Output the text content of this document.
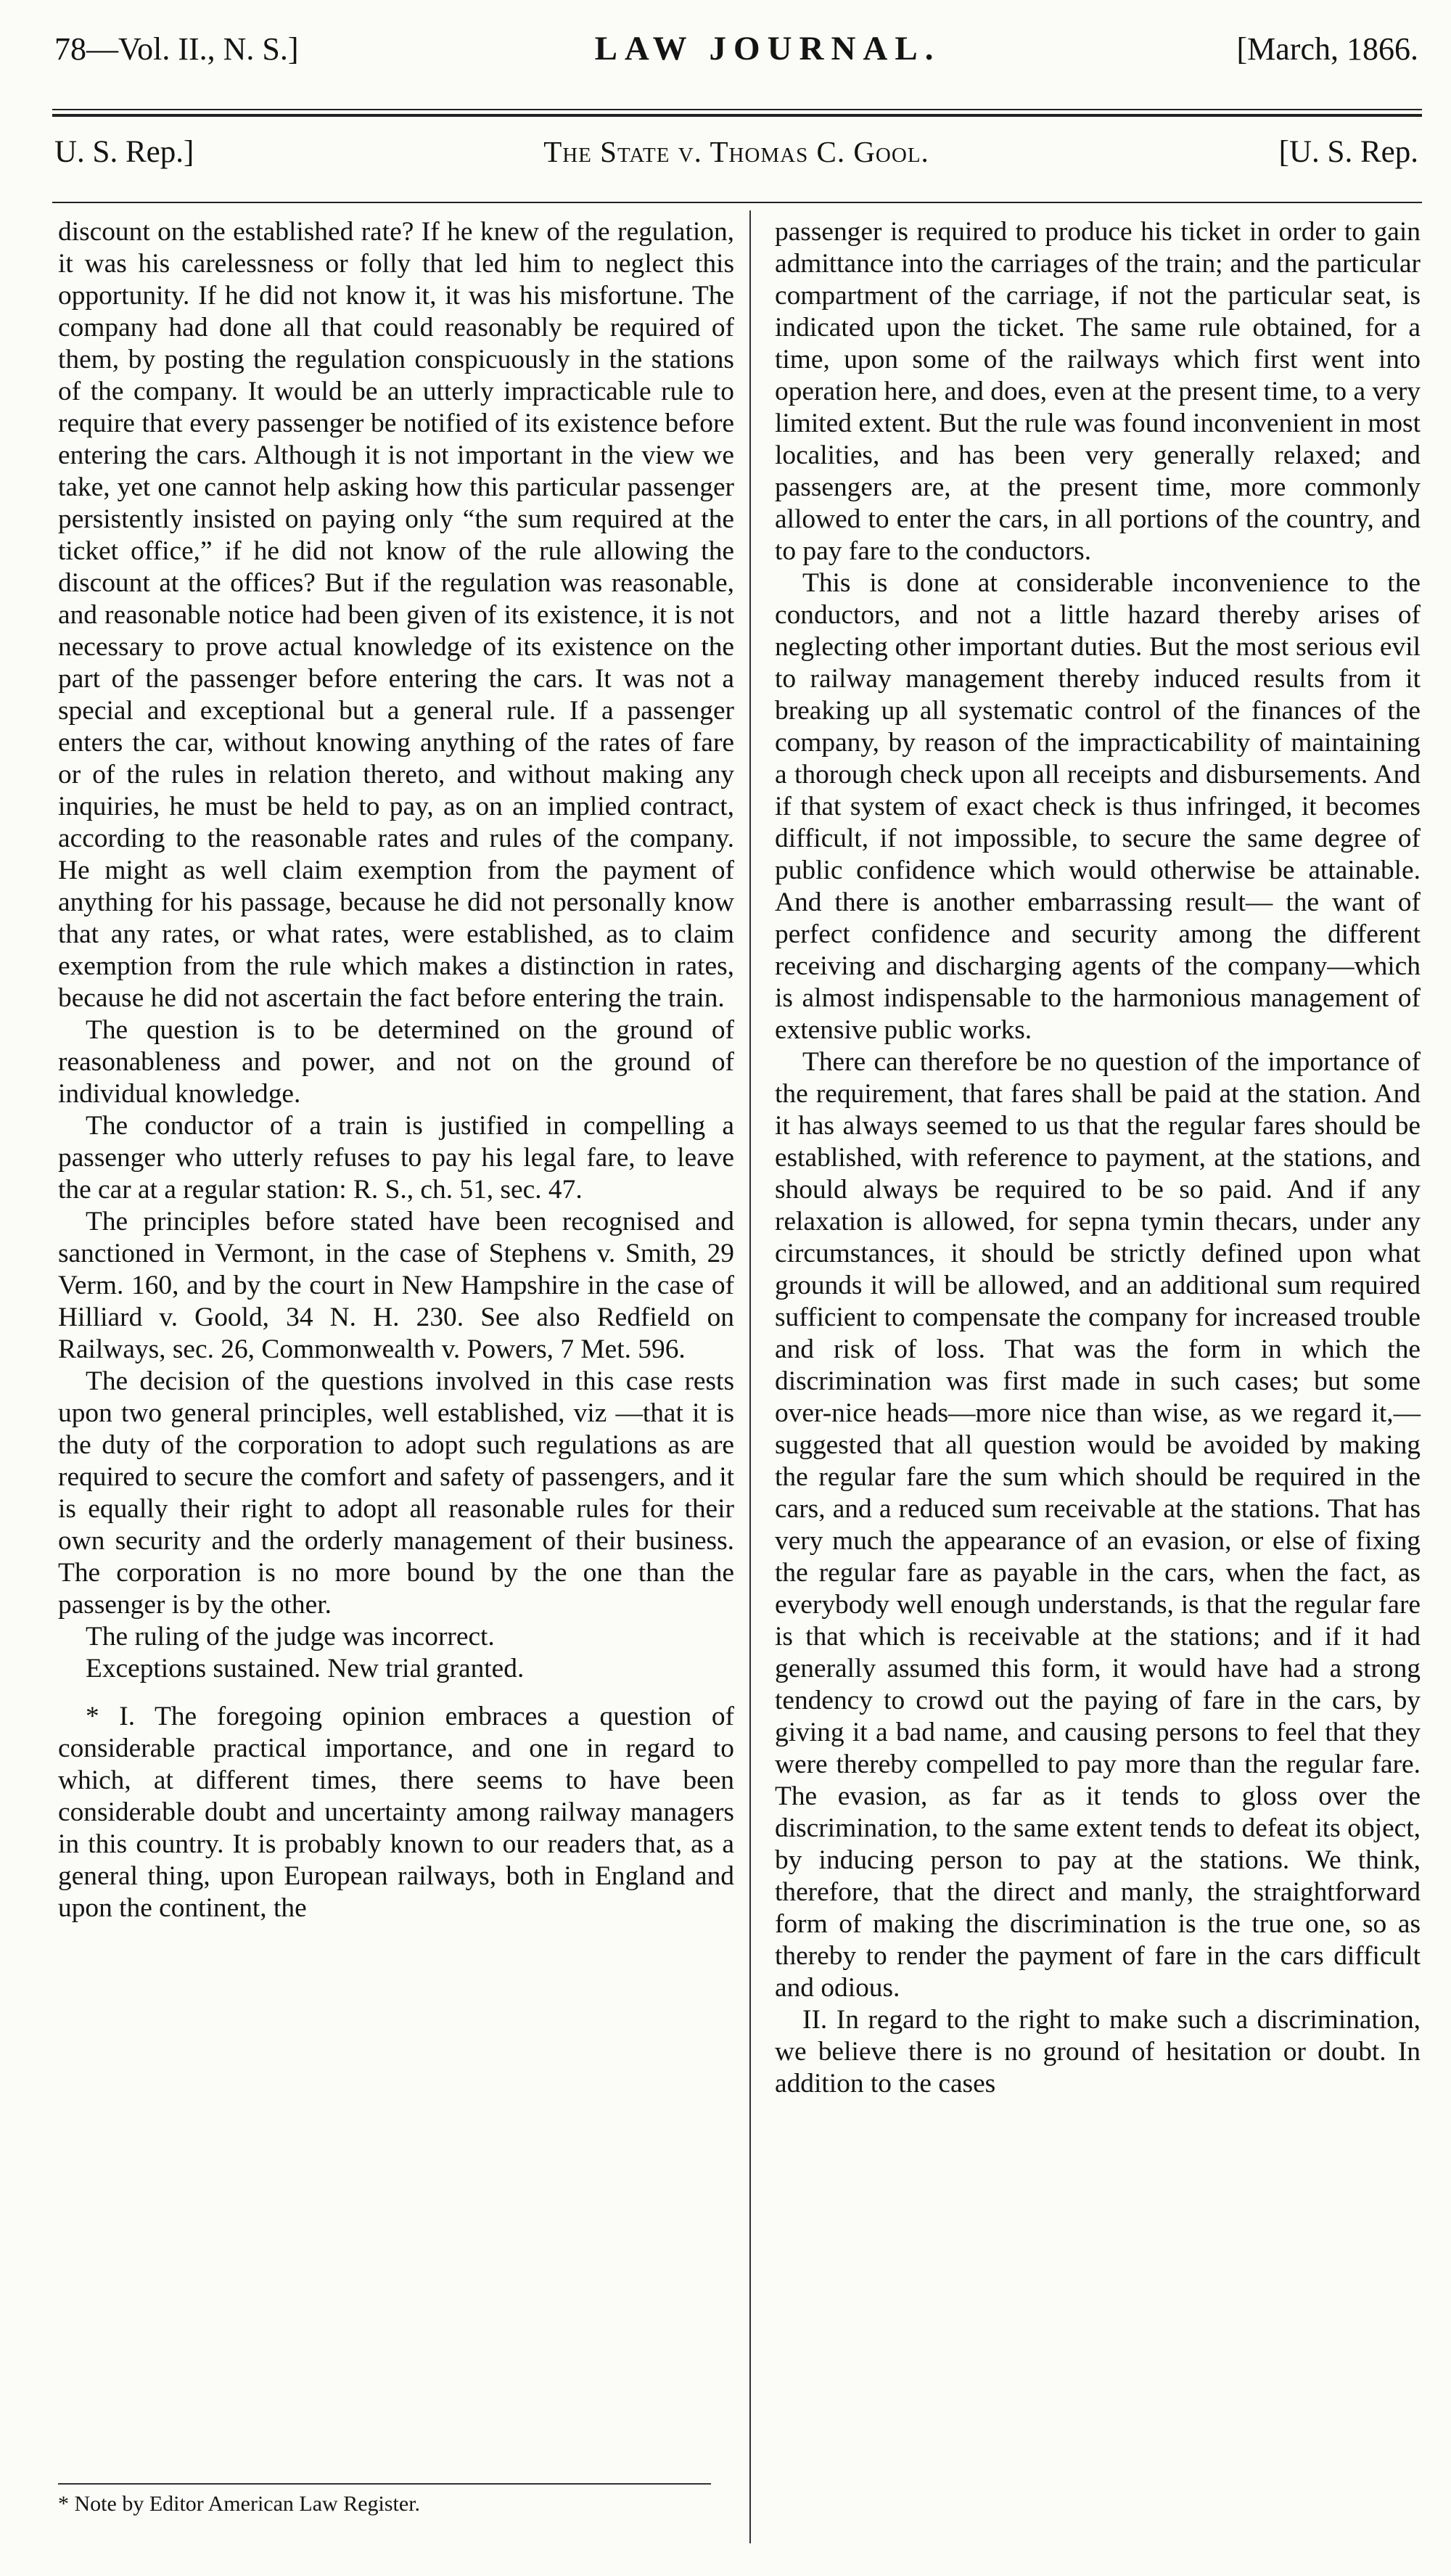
78—Vol. II., N. S.]	LAW JOURNAL.	[March, 1866.
U. S. Rep.]	The State v. Thomas C. Gool.	[U. S. Rep.

discount on the established rate? If he knew of the regulation, it was his carelessness or folly that led him to neglect this opportunity. If he did not know it, it was his misfortune. The company had done all that could reasonably be required of them, by posting the regulation conspicuously in the stations of the company. It would be an utterly impracticable rule to require that every passenger be notified of its existence before entering the cars. Although it is not important in the view we take, yet one cannot help asking how this particular passenger persistently insisted on paying only “the sum required at the ticket office,” if he did not know of the rule allowing the discount at the offices? But if the regulation was reasonable, and reasonable notice had been given of its existence, it is not necessary to prove actual knowledge of its existence on the part of the passenger before entering the cars. It was not a special and exceptional but a general rule. If a passenger enters the car, without knowing anything of the rates of fare or of the rules in relation thereto, and without making any inquiries, he must be held to pay, as on an implied contract, according to the reasonable rates and rules of the company. He might as well claim exemption from the payment of anything for his passage, because he did not personally know that any rates, or what rates, were established, as to claim exemption from the rule which makes a distinction in rates, because he did not ascertain the fact before entering the train.

The question is to be determined on the ground of reasonableness and power, and not on the ground of individual knowledge.

The conductor of a train is justified in compelling a passenger who utterly refuses to pay his legal fare, to leave the car at a regular station: R. S., ch. 51, sec. 47.

The principles before stated have been recognised and sanctioned in Vermont, in the case of Stephens v. Smith, 29 Verm. 160, and by the court in New Hampshire in the case of Hilliard v. Goold, 34 N. H. 230. See also Redfield on Railways, sec. 26, Commonwealth v. Powers, 7 Met. 596.

The decision of the questions involved in this case rests upon two general principles, well established, viz —that it is the duty of the corporation to adopt such regulations as are required to secure the comfort and safety of passengers, and it is equally their right to adopt all reasonable rules for their own security and the orderly management of their business. The corporation is no more bound by the one than the passenger is by the other.

The ruling of the judge was incorrect.

Exceptions sustained. New trial granted.

* I. The foregoing opinion embraces a question of considerable practical importance, and one in regard to which, at different times, there seems to have been considerable doubt and uncertainty among railway managers in this country. It is probably known to our readers that, as a general thing, upon European railways, both in England and upon the continent, the

passenger is required to produce his ticket in order to gain admittance into the carriages of the train; and the particular compartment of the carriage, if not the particular seat, is indicated upon the ticket. The same rule obtained, for a time, upon some of the railways which first went into operation here, and does, even at the present time, to a very limited extent. But the rule was found inconvenient in most localities, and has been very generally relaxed; and passengers are, at the present time, more commonly allowed to enter the cars, in all portions of the country, and to pay fare to the conductors.

This is done at considerable inconvenience to the conductors, and not a little hazard thereby arises of neglecting other important duties. But the most serious evil to railway management thereby induced results from it breaking up all systematic control of the finances of the company, by reason of the impracticability of maintaining a thorough check upon all receipts and disbursements. And if that system of exact check is thus infringed, it becomes difficult, if not impossible, to secure the same degree of public confidence which would otherwise be attainable. And there is another embarrassing result— the want of perfect confidence and security among the different receiving and discharging agents of the company—which is almost indispensable to the harmonious management of extensive public works.

There can therefore be no question of the importance of the requirement, that fares shall be paid at the station. And it has always seemed to us that the regular fares should be established, with reference to payment, at the stations, and should always be required to be so paid. And if any relaxation is allowed, for sepna tymin thecars, under any circumstances, it should be strictly defined upon what grounds it will be allowed, and an additional sum required sufficient to compensate the company for increased trouble and risk of loss. That was the form in which the discrimination was first made in such cases; but some over-nice heads—more nice than wise, as we regard it,—suggested that all question would be avoided by making the regular fare the sum which should be required in the cars, and a reduced sum receivable at the stations. That has very much the appearance of an evasion, or else of fixing the regular fare as payable in the cars, when the fact, as everybody well enough understands, is that the regular fare is that which is receivable at the stations; and if it had generally assumed this form, it would have had a strong tendency to crowd out the paying of fare in the cars, by giving it a bad name, and causing persons to feel that they were thereby compelled to pay more than the regular fare. The evasion, as far as it tends to gloss over the discrimination, to the same extent tends to defeat its object, by inducing person to pay at the stations. We think, therefore, that the direct and manly, the straightforward form of making the discrimination is the true one, so as thereby to render the payment of fare in the cars difficult and odious.

II. In regard to the right to make such a discrimination, we believe there is no ground of hesitation or doubt. In addition to the cases

* Note by Editor American Law Register.
